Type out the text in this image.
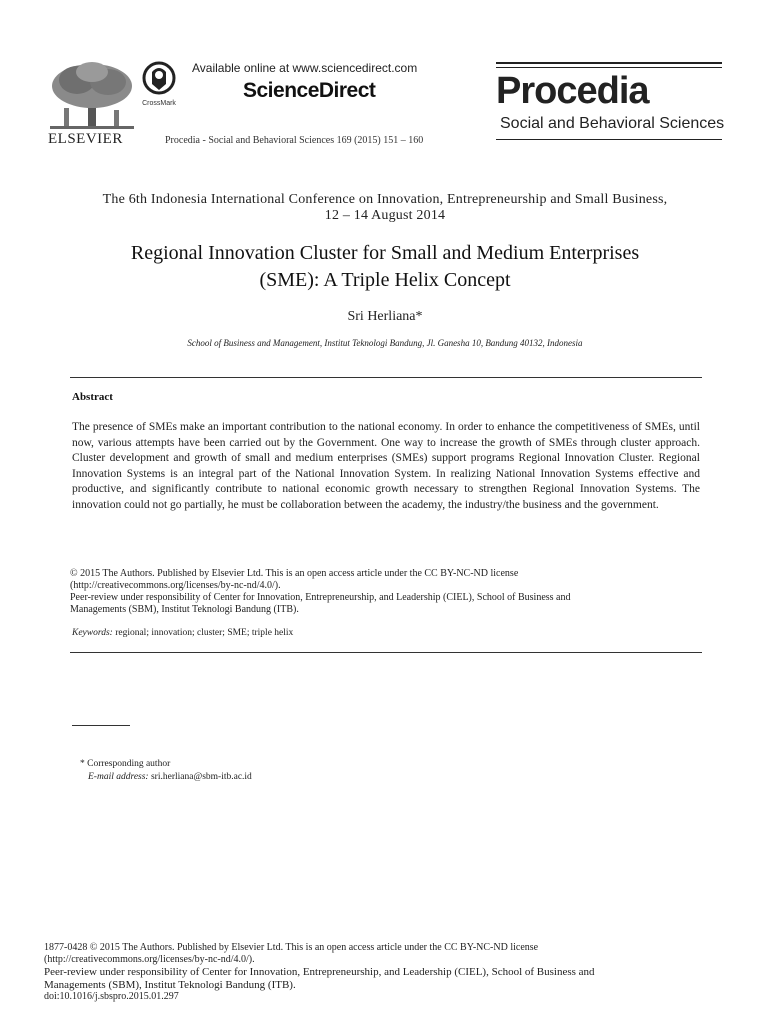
ELSEVIER
CrossMark
Available online at www.sciencedirect.com
ScienceDirect
Procedia - Social and Behavioral Sciences 169 (2015) 151 – 160
Procedia
Social and Behavioral Sciences
The 6th Indonesia International Conference on Innovation, Entrepreneurship and Small Business,
12 – 14 August 2014
Regional Innovation Cluster for Small and Medium Enterprises
(SME): A Triple Helix Concept
Sri Herliana*
School of Business and Management, Institut Teknologi Bandung, Jl. Ganesha 10, Bandung 40132, Indonesia
Abstract
The presence of SMEs make an important contribution to the national economy. In order to enhance the competitiveness of SMEs, until now, various attempts have been carried out by the Government. One way to increase the growth of SMEs through cluster approach. Cluster development and growth of small and medium enterprises (SMEs) support programs Regional Innovation Cluster. Regional Innovation Systems is an integral part of the National Innovation System. In realizing National Innovation Systems effective and productive, and significantly contribute to national economic growth necessary to strengthen Regional Innovation Systems. The innovation could not go partially, he must be collaboration between the academy, the industry/the business and the government.
© 2015 The Authors. Published by Elsevier Ltd. This is an open access article under the CC BY-NC-ND license
(http://creativecommons.org/licenses/by-nc-nd/4.0/).
Peer-review under responsibility of Center for Innovation, Entrepreneurship, and Leadership (CIEL), School of Business and
Managements (SBM), Institut Teknologi Bandung (ITB).
Keywords: regional; innovation; cluster; SME; triple helix
* Corresponding author
E-mail address: sri.herliana@sbm-itb.ac.id
1877-0428 © 2015 The Authors. Published by Elsevier Ltd. This is an open access article under the CC BY-NC-ND license
(http://creativecommons.org/licenses/by-nc-nd/4.0/).
Peer-review under responsibility of Center for Innovation, Entrepreneurship, and Leadership (CIEL), School of Business and
Managements (SBM), Institut Teknologi Bandung (ITB).
doi:10.1016/j.sbspro.2015.01.297
